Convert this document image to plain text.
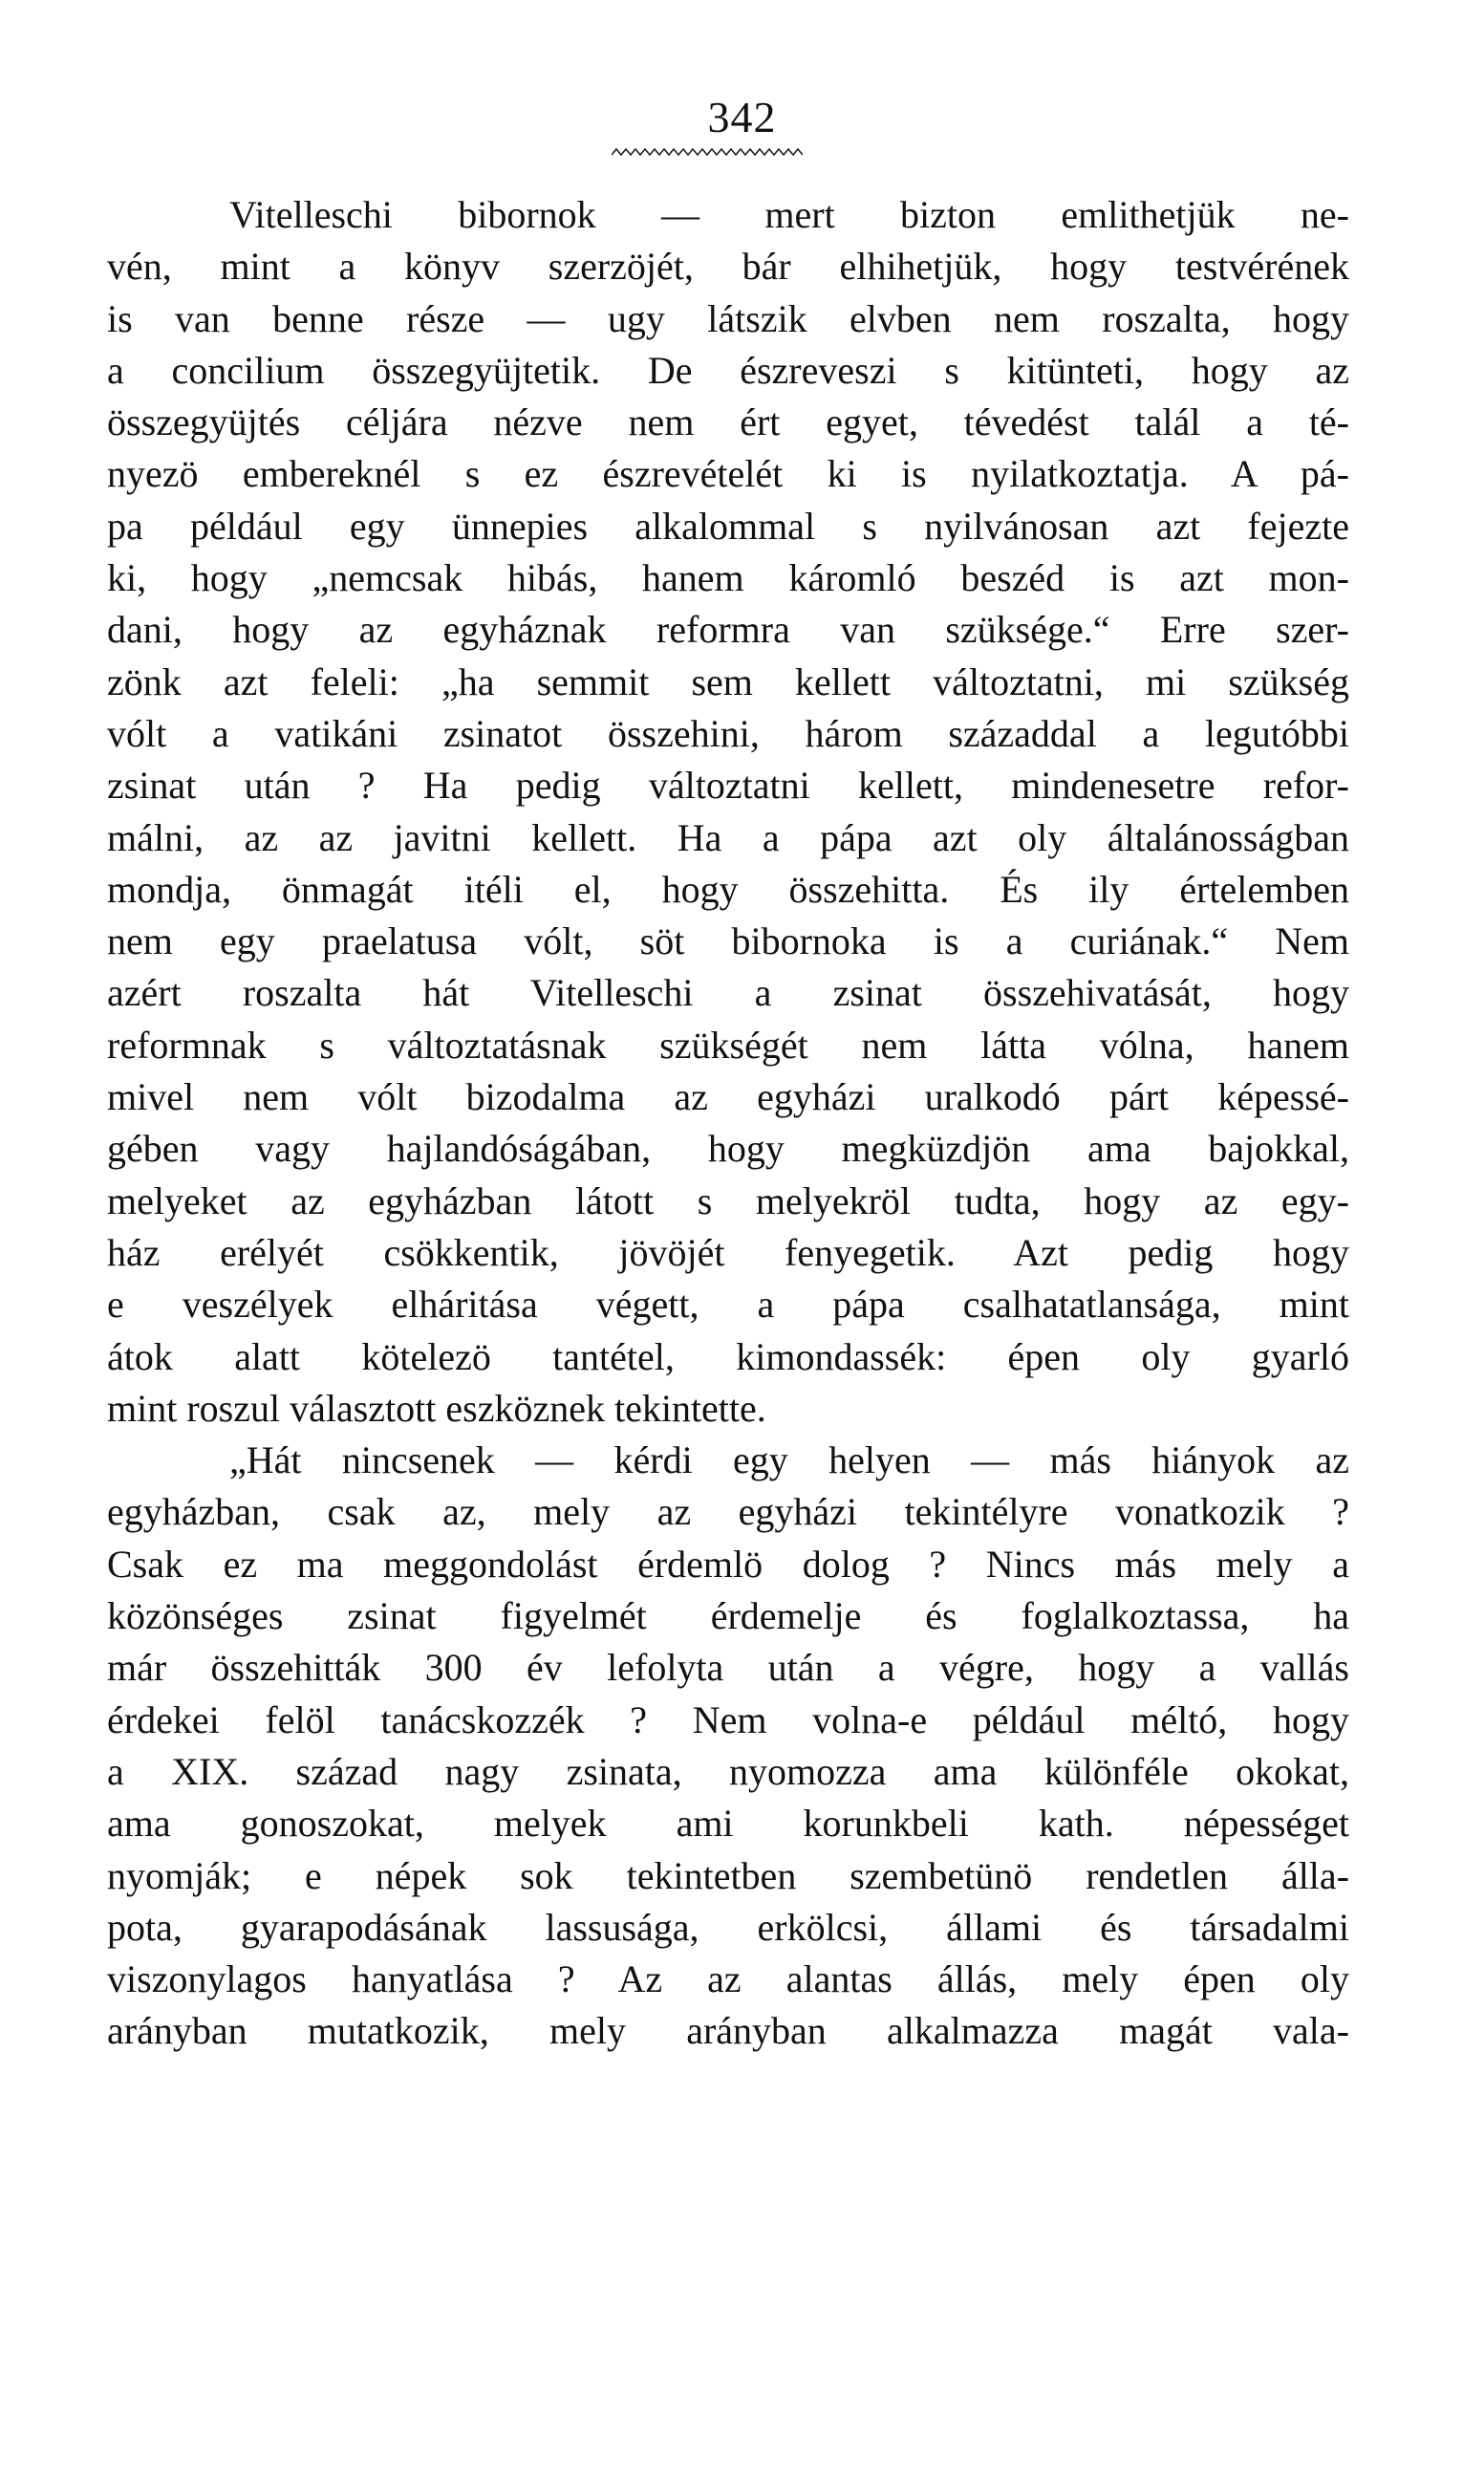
342
Vitelleschi bibornok — mert bizton emlithetjük ne-
vén, mint a könyv szerzöjét, bár elhihetjük, hogy testvérének
is van benne része — ugy látszik elvben nem roszalta, hogy
a concilium összegyüjtetik. De észreveszi s kitünteti, hogy az
összegyüjtés céljára nézve nem ért egyet, tévedést talál a té-
nyezö embereknél s ez észrevételét ki is nyilatkoztatja. A pá-
pa például egy ünnepies alkalommal s nyilvánosan azt fejezte
ki, hogy „nemcsak hibás, hanem káromló beszéd is azt mon-
dani, hogy az egyháznak reformra van szüksége.“ Erre szer-
zönk azt feleli: „ha semmit sem kellett változtatni, mi szükség
vólt a vatikáni zsinatot összehini, három századdal a legutóbbi
zsinat után ? Ha pedig változtatni kellett, mindenesetre refor-
málni, az az javitni kellett. Ha a pápa azt oly általánosságban
mondja, önmagát itéli el, hogy összehitta. És ily értelemben
nem egy praelatusa vólt, söt bibornoka is a curiának.“ Nem
azért roszalta hát Vitelleschi a zsinat összehivatását, hogy
reformnak s változtatásnak szükségét nem látta vólna, hanem
mivel nem vólt bizodalma az egyházi uralkodó párt képessé-
gében vagy hajlandóságában, hogy megküzdjön ama bajokkal,
melyeket az egyházban látott s melyekröl tudta, hogy az egy-
ház erélyét csökkentik, jövöjét fenyegetik. Azt pedig hogy
e veszélyek elháritása végett, a pápa csalhatatlansága, mint
átok alatt kötelezö tantétel, kimondassék: épen oly gyarló
mint roszul választott eszköznek tekintette.
„Hát nincsenek — kérdi egy helyen — más hiányok az
egyházban, csak az, mely az egyházi tekintélyre vonatkozik ?
Csak ez ma meggondolást érdemlö dolog ? Nincs más mely a
közönséges zsinat figyelmét érdemelje és foglalkoztassa, ha
már összehitták 300 év lefolyta után a végre, hogy a vallás
érdekei felöl tanácskozzék ? Nem volna-e például méltó, hogy
a XIX. század nagy zsinata, nyomozza ama különféle okokat,
ama gonoszokat, melyek ami korunkbeli kath. népességet
nyomják; e népek sok tekintetben szembetünö rendetlen álla-
pota, gyarapodásának lassusága, erkölcsi, állami és társadalmi
viszonylagos hanyatlása ? Az az alantas állás, mely épen oly
arányban mutatkozik, mely arányban alkalmazza magát vala-
